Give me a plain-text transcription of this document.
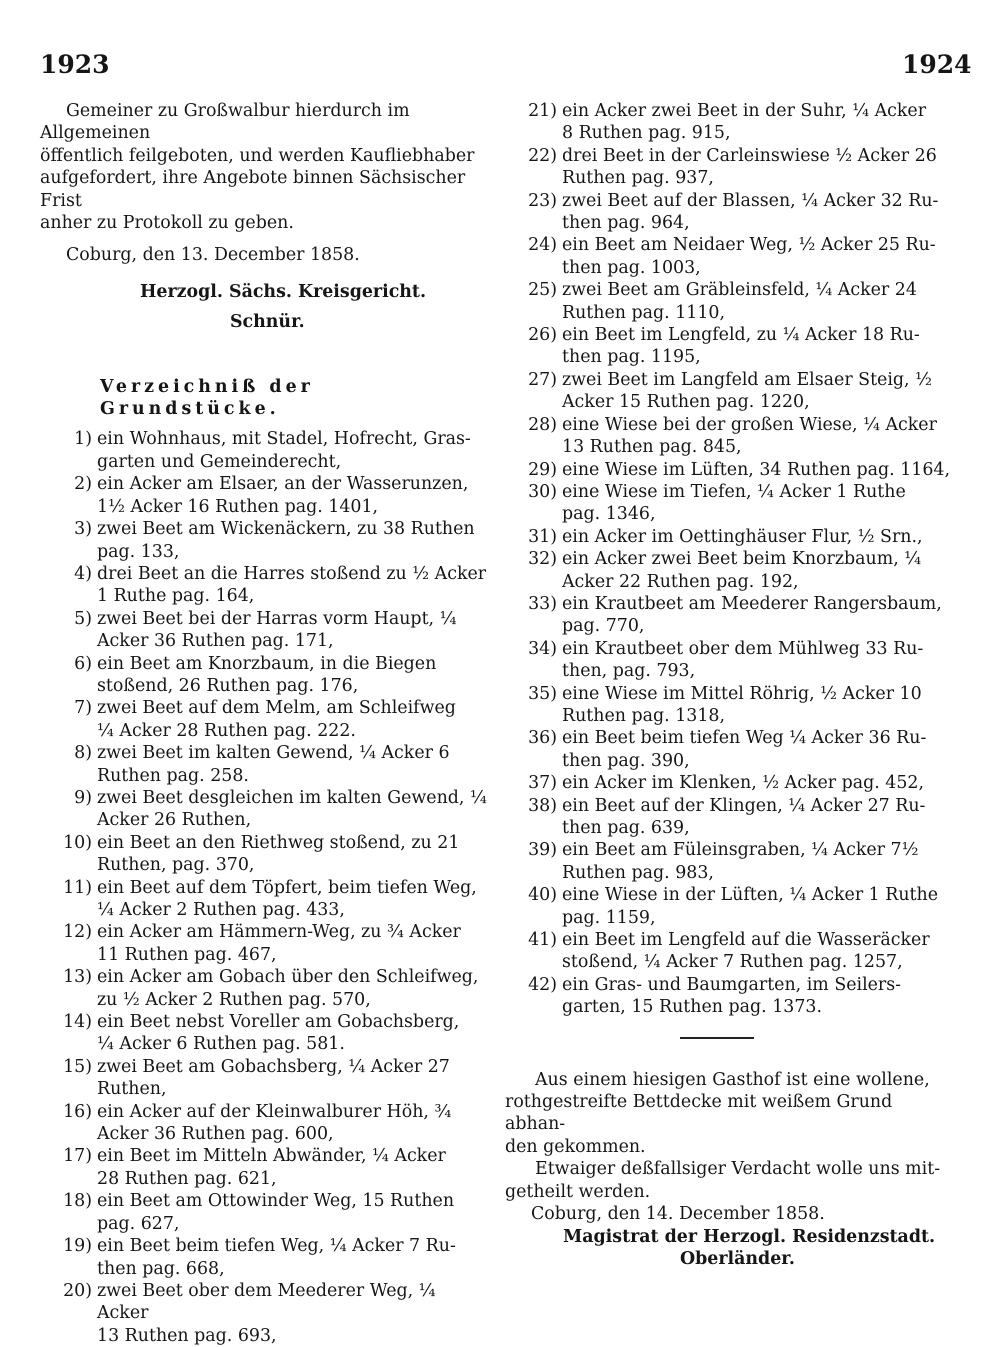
1923	1924

Gemeiner zu Großwalbur hierdurch im Allgemeinen
öffentlich feilgeboten, und werden Kaufliebhaber
aufgefordert, ihre Angebote binnen Sächsischer Frist
anher zu Protokoll zu geben.

Coburg, den 13. December 1858.
Herzogl. Sächs. Kreisgericht.
Schnür.
Verzeichniß der Grundstücke.
1) ein Wohnhaus, mit Stadel, Hofrecht, Gras-
garten und Gemeinderecht,
2) ein Acker am Elsaer, an der Wasserunzen,
1½ Acker 16 Ruthen pag. 1401,
3) zwei Beet am Wickenäckern, zu 38 Ruthen
pag. 133,
4) drei Beet an die Harres stoßend zu ½ Acker
1 Ruthe pag. 164,
5) zwei Beet bei der Harras vorm Haupt, ¼
Acker 36 Ruthen pag. 171,
6) ein Beet am Knorzbaum, in die Biegen
stoßend, 26 Ruthen pag. 176,
7) zwei Beet auf dem Melm, am Schleifweg
¼ Acker 28 Ruthen pag. 222.
8) zwei Beet im kalten Gewend, ¼ Acker 6
Ruthen pag. 258.
9) zwei Beet desgleichen im kalten Gewend, ¼
Acker 26 Ruthen,
10) ein Beet an den Riethweg stoßend, zu 21
Ruthen, pag. 370,
11) ein Beet auf dem Töpfert, beim tiefen Weg,
¼ Acker 2 Ruthen pag. 433,
12) ein Acker am Hämmern-Weg, zu ¾ Acker
11 Ruthen pag. 467,
13) ein Acker am Gobach über den Schleifweg,
zu ½ Acker 2 Ruthen pag. 570,
14) ein Beet nebst Voreller am Gobachsberg,
¼ Acker 6 Ruthen pag. 581.
15) zwei Beet am Gobachsberg, ¼ Acker 27
Ruthen,
16) ein Acker auf der Kleinwalburer Höh, ¾
Acker 36 Ruthen pag. 600,
17) ein Beet im Mitteln Abwänder, ¼ Acker
28 Ruthen pag. 621,
18) ein Beet am Ottowinder Weg, 15 Ruthen
pag. 627,
19) ein Beet beim tiefen Weg, ¼ Acker 7 Ru-
then pag. 668,
20) zwei Beet ober dem Meederer Weg, ¼ Acker
13 Ruthen pag. 693,
21) ein Acker zwei Beet in der Suhr, ¼ Acker
8 Ruthen pag. 915,
22) drei Beet in der Carleinswiese ½ Acker 26
Ruthen pag. 937,
23) zwei Beet auf der Blassen, ¼ Acker 32 Ru-
then pag. 964,
24) ein Beet am Neidaer Weg, ½ Acker 25 Ru-
then pag. 1003,
25) zwei Beet am Gräbleinsfeld, ¼ Acker 24
Ruthen pag. 1110,
26) ein Beet im Lengfeld, zu ¼ Acker 18 Ru-
then pag. 1195,
27) zwei Beet im Langfeld am Elsaer Steig, ½
Acker 15 Ruthen pag. 1220,
28) eine Wiese bei der großen Wiese, ¼ Acker
13 Ruthen pag. 845,
29) eine Wiese im Lüften, 34 Ruthen pag. 1164,
30) eine Wiese im Tiefen, ¼ Acker 1 Ruthe
pag. 1346,
31) ein Acker im Oettinghäuser Flur, ½ Srn.,
32) ein Acker zwei Beet beim Knorzbaum, ¼
Acker 22 Ruthen pag. 192,
33) ein Krautbeet am Meederer Rangersbaum,
pag. 770,
34) ein Krautbeet ober dem Mühlweg 33 Ru-
then, pag. 793,
35) eine Wiese im Mittel Röhrig, ½ Acker 10
Ruthen pag. 1318,
36) ein Beet beim tiefen Weg ¼ Acker 36 Ru-
then pag. 390,
37) ein Acker im Klenken, ½ Acker pag. 452,
38) ein Beet auf der Klingen, ¼ Acker 27 Ru-
then pag. 639,
39) ein Beet am Füleinsgraben, ¼ Acker 7½
Ruthen pag. 983,
40) eine Wiese in der Lüften, ¼ Acker 1 Ruthe
pag. 1159,
41) ein Beet im Lengfeld auf die Wasseräcker
stoßend, ¼ Acker 7 Ruthen pag. 1257,
42) ein Gras- und Baumgarten, im Seilers-
garten, 15 Ruthen pag. 1373.

Aus einem hiesigen Gasthof ist eine wollene,
rothgestreifte Bettdecke mit weißem Grund abhan-
den gekommen.

Etwaiger deßfallsiger Verdacht wolle uns mit-
getheilt werden.

Coburg, den 14. December 1858.
Magistrat der Herzogl. Residenzstadt.
Oberländer.
